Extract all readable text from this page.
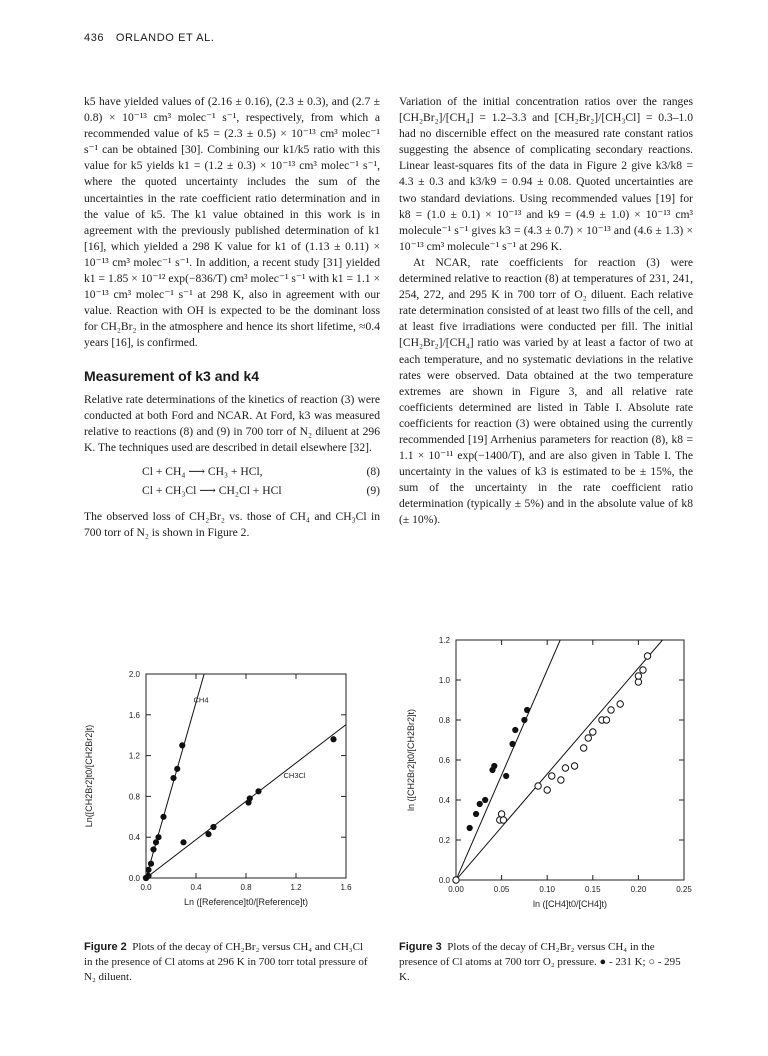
436 ORLANDO ET AL.

k5 have yielded values of (2.16 ± 0.16), (2.3 ± 0.3), and (2.7 ± 0.8) × 10⁻¹³ cm³ molec⁻¹ s⁻¹, respectively, from which a recommended value of k5 = (2.3 ± 0.5) × 10⁻¹³ cm³ molec⁻¹ s⁻¹ can be obtained [30]. Combining our k1/k5 ratio with this value for k5 yields k1 = (1.2 ± 0.3) × 10⁻¹³ cm³ molec⁻¹ s⁻¹, where the quoted uncertainty includes the sum of the uncertainties in the rate coefficient ratio determination and in the value of k5. The k1 value obtained in this work is in agreement with the previously published determination of k1 [16], which yielded a 298 K value for k1 of (1.13 ± 0.11) × 10⁻¹³ cm³ molec⁻¹ s⁻¹. In addition, a recent study [31] yielded k1 = 1.85 × 10⁻¹² exp(−836/T) cm³ molec⁻¹ s⁻¹ with k1 = 1.1 × 10⁻¹³ cm³ molec⁻¹ s⁻¹ at 298 K, also in agreement with our value. Reaction with OH is expected to be the dominant loss for CH₂Br₂ in the atmosphere and hence its short lifetime, ≈0.4 years [16], is confirmed.

Measurement of k3 and k4

Relative rate determinations of the kinetics of reaction (3) were conducted at both Ford and NCAR. At Ford, k3 was measured relative to reactions (8) and (9) in 700 torr of N₂ diluent at 296 K. The techniques used are described in detail elsewhere [32].

Cl + CH₄ ⟶ CH₃ + HCl,	(8)
Cl + CH₃Cl ⟶ CH₂Cl + HCl	(9)

The observed loss of CH₂Br₂ vs. those of CH₄ and CH₃Cl in 700 torr of N₂ is shown in Figure 2.

Variation of the initial concentration ratios over the ranges [CH₂Br₂]/[CH₄] = 1.2–3.3 and [CH₂Br₂]/[CH₃Cl] = 0.3–1.0 had no discernible effect on the measured rate constant ratios suggesting the absence of complicating secondary reactions. Linear least-squares fits of the data in Figure 2 give k3/k8 = 4.3 ± 0.3 and k3/k9 = 0.94 ± 0.08. Quoted uncertainties are two standard deviations. Using recommended values [19] for k8 = (1.0 ± 0.1) × 10⁻¹³ and k9 = (4.9 ± 1.0) × 10⁻¹³ cm³ molecule⁻¹ s⁻¹ gives k3 = (4.3 ± 0.7) × 10⁻¹³ and (4.6 ± 1.3) × 10⁻¹³ cm³ molecule⁻¹ s⁻¹ at 296 K.

At NCAR, rate coefficients for reaction (3) were determined relative to reaction (8) at temperatures of 231, 241, 254, 272, and 295 K in 700 torr of O₂ diluent. Each relative rate determination consisted of at least two fills of the cell, and at least five irradiations were conducted per fill. The initial [CH₂Br₂]/[CH₄] ratio was varied by at least a factor of two at each temperature, and no systematic deviations in the relative rates were observed. Data obtained at the two temperature extremes are shown in Figure 3, and all relative rate coefficients determined are listed in Table I. Absolute rate coefficients for reaction (3) were obtained using the currently recommended [19] Arrhenius parameters for reaction (8), k8 = 1.1 × 10⁻¹¹ exp(−1400/T), and are also given in Table I. The uncertainty in the values of k3 is estimated to be ± 15%, the sum of the uncertainty in the rate coefficient ratio determination (typically ± 5%) and in the absolute value of k8 (± 10%).

0.0	0.4	0.8	1.2	1.6
0.0
0.4
0.8
1.2
1.6
2.0
Ln ([Reference]t0/[Reference]t)
Ln([CH2Br2]t0/[CH2Br2]t)
CH4
CH3Cl
Figure 2 Plots of the decay of CH₂Br₂ versus CH₄ and CH₃Cl in the presence of Cl atoms at 296 K in 700 torr total pressure of N₂ diluent.
0.00	0.05	0.10	0.15	0.20	0.25
0.0
0.2
0.4
0.6
0.8
1.0
1.2
ln ([CH4]t0/[CH4]t)
ln ([CH2Br2]t0/[CH2Br2]t)
Figure 3 Plots of the decay of CH₂Br₂ versus CH₄ in the presence of Cl atoms at 700 torr O₂ pressure. ● - 231 K; ○ - 295 K.
